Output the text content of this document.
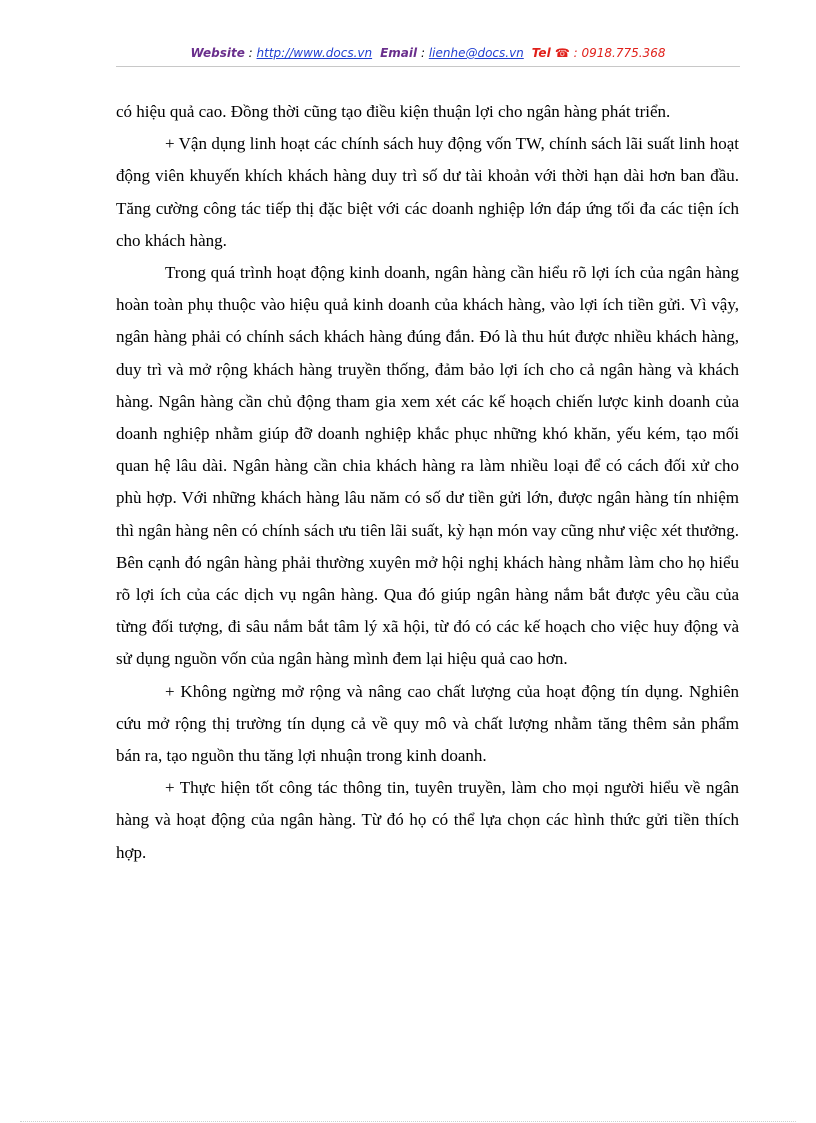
Website : http://www.docs.vn Email : lienhe@docs.vn Tel ☎ : 0918.775.368

có hiệu quả cao. Đồng thời cũng tạo điều kiện thuận lợi cho ngân hàng phát triển.

+ Vận dụng linh hoạt các chính sách huy động vốn TW, chính sách lãi suất linh hoạt động viên khuyến khích khách hàng duy trì số dư tài khoản với thời hạn dài hơn ban đầu. Tăng cường công tác tiếp thị đặc biệt với các doanh nghiệp lớn đáp ứng tối đa các tiện ích cho khách hàng.

Trong quá trình hoạt động kinh doanh, ngân hàng cần hiểu rõ lợi ích của ngân hàng hoàn toàn phụ thuộc vào hiệu quả kinh doanh của khách hàng, vào lợi ích tiền gửi. Vì vậy, ngân hàng phải có chính sách khách hàng đúng đắn. Đó là thu hút được nhiều khách hàng, duy trì và mở rộng khách hàng truyền thống, đảm bảo lợi ích cho cả ngân hàng và khách hàng. Ngân hàng cần chủ động tham gia xem xét các kế hoạch chiến lược kinh doanh của doanh nghiệp nhằm giúp đỡ doanh nghiệp khắc phục những khó khăn, yếu kém, tạo mối quan hệ lâu dài. Ngân hàng cần chia khách hàng ra làm nhiều loại để có cách đối xử cho phù hợp. Với những khách hàng lâu năm có số dư tiền gửi lớn, được ngân hàng tín nhiệm thì ngân hàng nên có chính sách ưu tiên lãi suất, kỳ hạn món vay cũng như việc xét thưởng. Bên cạnh đó ngân hàng phải thường xuyên mở hội nghị khách hàng nhằm làm cho họ hiểu rõ lợi ích của các dịch vụ ngân hàng. Qua đó giúp ngân hàng nắm bắt được yêu cầu của từng đối tượng, đi sâu nắm bắt tâm lý xã hội, từ đó có các kế hoạch cho việc huy động và sử dụng nguồn vốn của ngân hàng mình đem lại hiệu quả cao hơn.

+ Không ngừng mở rộng và nâng cao chất lượng của hoạt động tín dụng. Nghiên cứu mở rộng thị trường tín dụng cả về quy mô và chất lượng nhằm tăng thêm sản phẩm bán ra, tạo nguồn thu tăng lợi nhuận trong kinh doanh.

+ Thực hiện tốt công tác thông tin, tuyên truyền, làm cho mọi người hiểu về ngân hàng và hoạt động của ngân hàng. Từ đó họ có thể lựa chọn các hình thức gửi tiền thích hợp.
